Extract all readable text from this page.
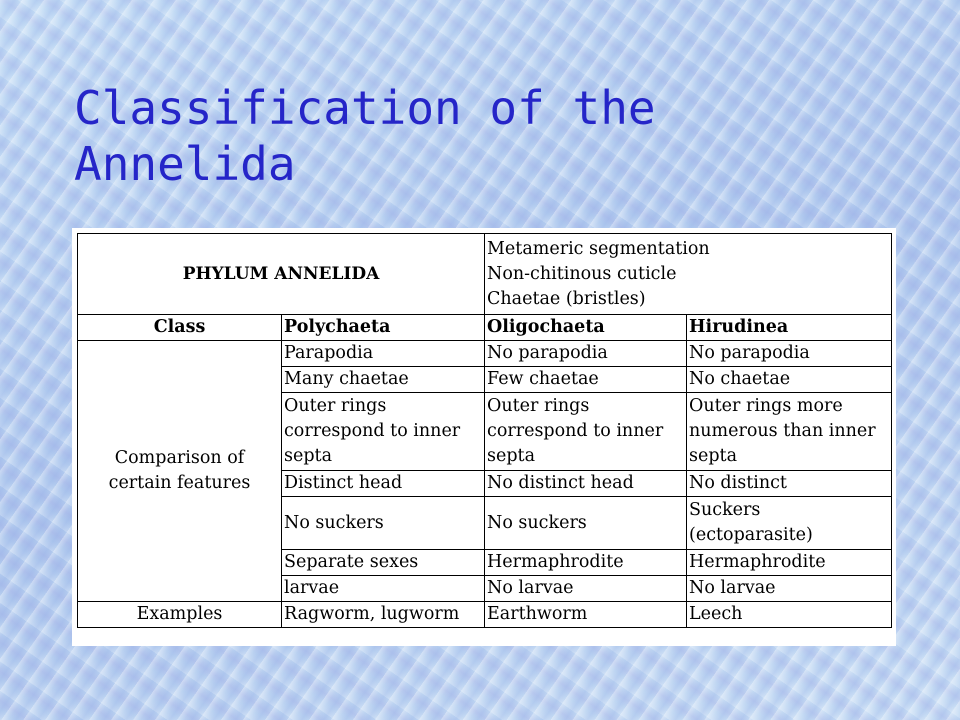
Classification of the
Annelida
PHYLUM ANNELIDA		Metameric segmentation
Non-chitinous cuticle
Chaetae (bristles)	

Class	Polychaeta	Oligochaeta	Hirudinea

Comparison of
certain features	Parapodia	No parapodia	No parapodia
	Many chaetae	Few chaetae	No chaetae

	Outer rings
correspond to inner
septa	Outer rings
correspond to inner
septa	Outer rings more
numerous than inner
septa

	Distinct head	No distinct head	No distinct
	No suckers	No suckers	Suckers
(ectoparasite)

	Separate sexes	Hermaphrodite	Hermaphrodite
	larvae	No larvae	No larvae
Examples	Ragworm, lugworm	Earthworm	Leech
